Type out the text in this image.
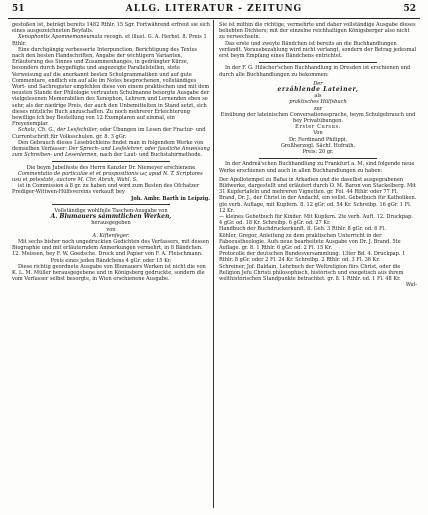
51	ALLG. LITERATUR - ZEITUNG	52

gestoßen ist, beträgt bereits 1482 Rthlr. 15 Sgr. Fortwährend erfreut sie sich eines ausgezeichneten Beyfalls.

Xenophontis Apomnemoneumata recogn. et illust. G. A. Herbst. 8. Preis 1 Rthlr.

Eine durchgängig verbesserte Interpunction, Berichtigung des Textes nach den besten Handschriften, Angabe der wichtigern Varianten, Erläuterung des Sinnes und Zusammenhanges, in gedrängter Kürze, besonders durch beygefügte und angezeigte Parallelstellen, stete Verweisung auf die anerkannt besten Schulgrammatiken und auf gute Commentare, endlich ein auf alle im Notes besprochenen, vollständiges Wort- und Sachregister empfehlen diese von einem praktischen und mit dem neusten Stande der Philologie vertrauten Schulmanne besorgte Ausgabe der vielgelesenen Memorabilien des Xenophon, Lehrern und Lernenden eben so sehr, als der niedrige Preis, der auch den Unbemittelten in Stand setzt, sich dieses nützliche Buch anzuschaffen. Zu noch mehrerer Erleichterung bewillige ich bey Bestellung von 12 Exemplaren auf einmal, ein Freyexemplar.

Scholz, Ch. G., der Lesfschüler, oder Übungen im Lesen der Fractur- und Currentschrift für Volksschulen. gr. 8. 3 gGr.

Den Gebrauch dieses Lesebüchleins findet man in folgendem Werke von demselben Verfasser: Der Sprech- und Lesfelehrer, oder fassliche Anweisung zum Schreiben- und Lesenlernen, nach der Laut- und Buchstabirmethode.

Die beym Jubelfeste des Herrn Kanzler Dr. Niemeyer erschienene

Commentatio de particulae et et prospositionis ως apud N. T. Scriptores usu et potestate, auctore M. Chr. Abrah. Wahl, S.

ist in Commission à 8 gr. zu haben und wird zum Besten des Ofchatzer Prediger-Wittwen-Hülfsvereins verkauft bey

Joh. Ambr. Barth in Leipzig.

Vollständige wohlfeile Taschen-Ausgabe von

A. Blumauers sämmtlichen Werken,

herausgegeben

von

A. Kiftenfeger.

Mit sechs bisher noch ungedruckten Gedichten des Verfassers, mit dessen Biographie und mit erläuterndem Anmerkungen vermehrt, in 8 Bändchen. 12. Meissen, bey F. W. Goedsche. Druck und Papier von F. A. Fleischmann.

Preis eines jeden Bändchens 4 gGr. oder 15 Kr.

Diese richtig geordnete Ausgabe von Blumauers Werken ist nicht die von K. L. M. Müller herausgegebene und in Königsberg gedruckte, sondern die vom Verfasser selbst besorgte, in Wien erschienene Ausgabe.

Sie ist mithin die richtige, vermehrte und daher vollständige Ausgabe dieses beliebten Dichters; mit der einzelne reichhaltigen Königsberger also nicht zu verwechseln.

Das erste und zweyte Bändchen ist bereits an die Buchhandlungen verfandt. Vorausbezahlung wird nicht verlangt, sondern der Betrag jedesmal erst beym Empfang eines Bändchens entrichtet.

In der F. G. Hilscher'schen Buchhandlung in Dresden ist erschienen und durch alle Buchhandlungen zu bekommen:

Der

erzählende Lateiner,

als

praktisches Hülfsbuch

zur

Einübung der lateinischen Conversationssprache, beym Schulgebrauch und bey Privatübungen.

Erster Cursus.

Von

Dr. Ferdinand Philippi,

Großherzogl. Sächf. Hofrath.

Preis: 20 gr.

In der Andreä'schen Buchhandlung zu Frankfurt a. M. sind folgende neue Werke erschienen und auch in allen Buchhandlungen zu haben:

Der Apollotempel zu Bafsa in Arkadien und die daselbst ausgegrabenen Bildwerke, dargestellt und erläutert durch O. M. Baron von Stackelberg. Mit 31 Kupfertafeln und mehreren Vignetten. gr. Fol. 44 Rthlr. oder 77 Fl.

Brand, Dr. J., der Christ in der Andacht, ein vollst. Gebetbuch für Katholiken. gte verb. Auflage, mit Kupfern. 8. 12 gGr. od. 54 Kr. Schreibp. 16 gGr. 1 Fl. 12 Kr.

— kleines Gebetbuch für Kinder. Mit Kupfern. 2te verb. Auft. 12. Druckpap. 4 gGr. od. 18 Kr. Schreibp. 6 gGr. od. 27 Kr.

Handbuch der Buchdruckerkunft. 8. Geh. 3 Rthlr. 8 gGr. od. 6 Fl.

Köhler, Gregor, Anleitung zu dem praktischen Unterricht in der Fabeeustheologie. Aufs neue bearbeitete Ausgabe von Dr. J. Brand. 5te Auflage. gr. 8. 1 Rthlr. 6 gGr. od. 2 Fl. 15 Kr.

Protocolle der deutschen Bundesversammlung. 13ter Bd. 4. Druckpap. 1 Rthlr. 8 gGr. oder 2 Fl. 24 Kr. Schreibp. 2 Rthlr. od. 3 Fl. 36 Kr.

Schreiner, Jof. Baldain, Lehrbuch der Weltreligion fürs Christ, oder die Religion Jefu Christi philosophisch, historisch und exegetisch aus ihrem welthistorischen Standpunkte betrachtet. gr. 8. 1 Rthlr. od. 1 Fl. 48 Kr.

Wal-
